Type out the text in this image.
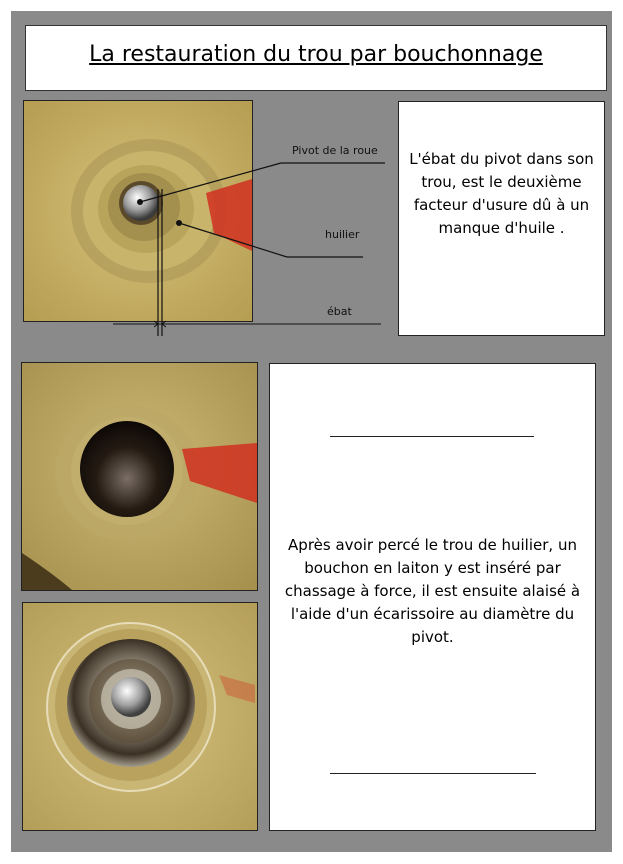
La restauration du trou par bouchonnage
Pivot de la roue
huilier
ébat
L'ébat du pivot dans son trou, est le deuxième facteur d'usure dû à un manque d'huile .
Après avoir percé le trou de huilier, un bouchon en laiton y est inséré par chassage à force, il est ensuite alaisé à l'aide d'un écarissoire au diamètre du pivot.
